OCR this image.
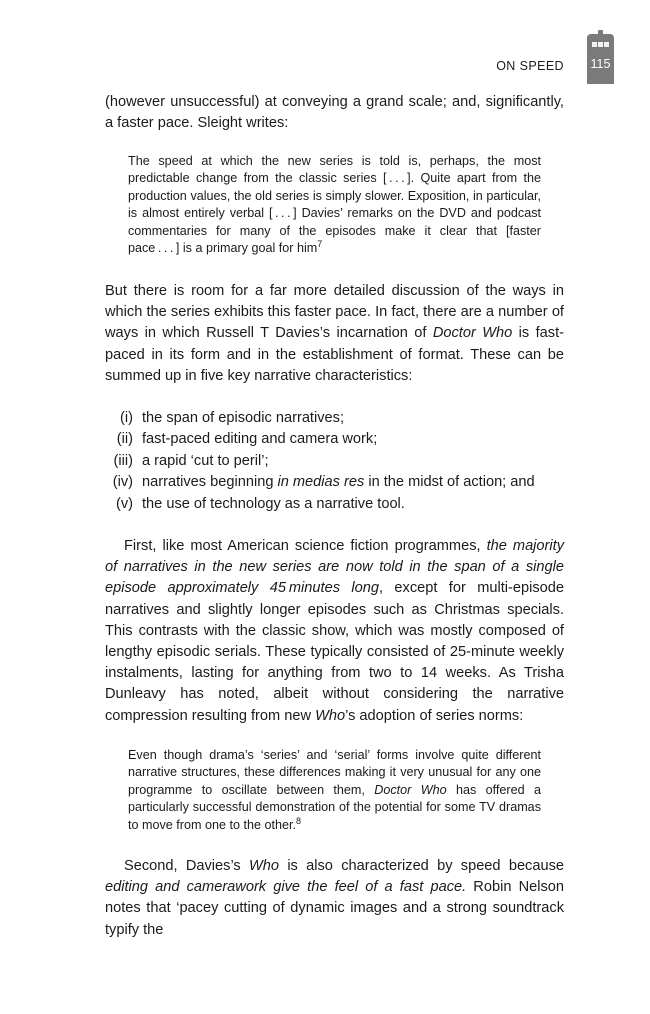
ON SPEED 115

(however unsuccessful) at conveying a grand scale; and, significantly, a faster pace. Sleight writes:

The speed at which the new series is told is, perhaps, the most predictable change from the classic series [ . . . ]. Quite apart from the production values, the old series is simply slower. Exposition, in particular, is almost entirely verbal [ . . . ] Davies’ remarks on the DVD and podcast commentaries for many of the episodes make it clear that [faster pace . . . ] is a primary goal for him$^7$

But there is room for a far more detailed discussion of the ways in which the series exhibits this faster pace. In fact, there are a number of ways in which Russell T Davies’s incarnation of Doctor Who is fast-paced in its form and in the establishment of format. These can be summed up in five key narrative characteristics:

(i) the span of episodic narratives;
(ii) fast-paced editing and camera work;
(iii) a rapid ‘cut to peril’;
(iv) narratives beginning in medias res in the midst of action; and
(v) the use of technology as a narrative tool.

First, like most American science fiction programmes, the majority of narratives in the new series are now told in the span of a single episode approximately 45 minutes long, except for multi-episode narratives and slightly longer episodes such as Christmas specials. This contrasts with the classic show, which was mostly composed of lengthy episodic serials. These typically consisted of 25-minute weekly instalments, lasting for anything from two to 14 weeks. As Trisha Dunleavy has noted, albeit without considering the narrative compression resulting from new Who’s adoption of series norms:

Even though drama’s ‘series’ and ‘serial’ forms involve quite different narrative structures, these differences making it very unusual for any one programme to oscillate between them, Doctor Who has offered a particularly successful demonstration of the potential for some TV dramas to move from one to the other.$^8$

Second, Davies’s Who is also characterized by speed because editing and camerawork give the feel of a fast pace. Robin Nelson notes that ‘pacey cutting of dynamic images and a strong soundtrack typify the
